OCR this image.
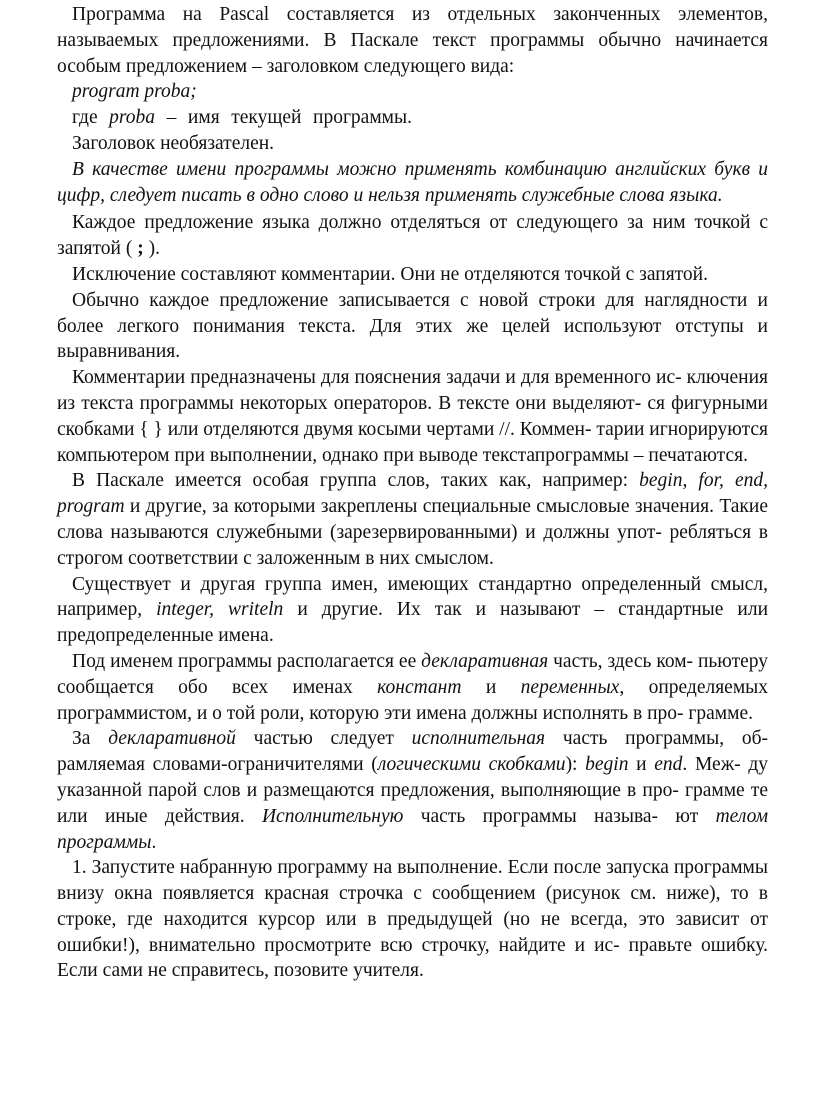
Программа на Pascal составляется из отдельных законченных элементов, называемых предложениями. В Паскале текст программы обычно начинается особым предложением – заголовком следующего вида:

program proba;

где proba – имя текущей программы. Заголовок необязателен.

В качестве имени программы можно применять комбинацию английских букв и цифр, следует писать в одно слово и нельзя применять служебные слова языка.

Каждое предложение языка должно отделяться от следующего за ним точкой с запятой ( ; ).

Исключение составляют комментарии. Они не отделяются точкой с запятой.

Обычно каждое предложение записывается с новой строки для наглядности и более легкого понимания текста. Для этих же целей используют отступы и выравнивания.

Комментарии предназначены для пояснения задачи и для временного ис- ключения из текста программы некоторых операторов. В тексте они выделяют- ся фигурными скобками { } или отделяются двумя косыми чертами //. Коммен- тарии игнорируются компьютером при выполнении, однако при выводе текстапрограммы – печатаются.

В Паскале имеется особая группа слов, таких как, например: begin, for, end, program и другие, за которыми закреплены специальные смысловые значения. Такие слова называются служебными (зарезервированными) и должны упот- ребляться в строгом соответствии с заложенным в них смыслом.

Существует и другая группа имен, имеющих стандартно определенный смысл, например, integer, writeln и другие. Их так и называют – стандартные или предопределенные имена.

Под именем программы располагается ее декларативная часть, здесь ком- пьютеру сообщается обо всех именах констант и переменных, определяемых программистом, и о той роли, которую эти имена должны исполнять в про- грамме.

За декларативной частью следует исполнительная часть программы, об- рамляемая словами-ограничителями (логическими скобками): begin и end. Меж- ду указанной парой слов и размещаются предложения, выполняющие в про- грамме те или иные действия. Исполнительную часть программы называ- ют телом программы.

1. Запустите набранную программу на выполнение. Если после запуска программы внизу окна появляется красная строчка с сообщением (рисунок см. ниже), то в строке, где находится курсор или в предыдущей (но не всегда, это зависит от ошибки!), внимательно просмотрите всю строчку, найдите и ис- правьте ошибку. Если сами не справитесь, позовите учителя.
